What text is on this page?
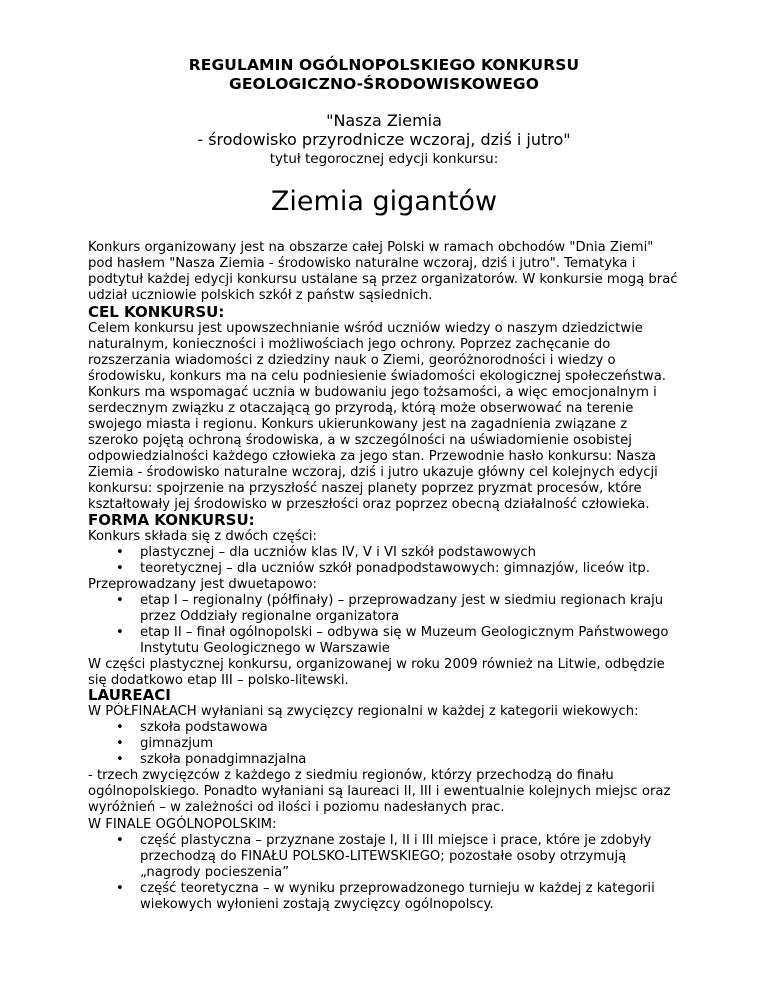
REGULAMIN OGÓLNOPOLSKIEGO KONKURSU
GEOLOGICZNO-ŚRODOWISKOWEGO
"Nasza Ziemia
- środowisko przyrodnicze wczoraj, dziś i jutro"
tytuł tegorocznej edycji konkursu:
Ziemia gigantów
Konkurs organizowany jest na obszarze całej Polski w ramach obchodów "Dnia Ziemi"
pod hasłem "Nasza Ziemia - środowisko naturalne wczoraj, dziś i jutro". Tematyka i
podtytuł każdej edycji konkursu ustalane są przez organizatorów. W konkursie mogą brać
udział uczniowie polskich szkół z państw sąsiednich.
CEL KONKURSU:
Celem konkursu jest upowszechnianie wśród uczniów wiedzy o naszym dziedzictwie
naturalnym, konieczności i możliwościach jego ochrony. Poprzez zachęcanie do
rozszerzania wiadomości z dziedziny nauk o Ziemi, georóżnorodności i wiedzy o
środowisku, konkurs ma na celu podniesienie świadomości ekologicznej społeczeństwa.
Konkurs ma wspomagać ucznia w budowaniu jego tożsamości, a więc emocjonalnym i
serdecznym związku z otaczającą go przyrodą, którą może obserwować na terenie
swojego miasta i regionu. Konkurs ukierunkowany jest na zagadnienia związane z
szeroko pojętą ochroną środowiska, a w szczególności na uświadomienie osobistej
odpowiedzialności każdego człowieka za jego stan. Przewodnie hasło konkursu: Nasza
Ziemia - środowisko naturalne wczoraj, dziś i jutro ukazuje główny cel kolejnych edycji
konkursu: spojrzenie na przyszłość naszej planety poprzez pryzmat procesów, które
kształtowały jej środowisko w przeszłości oraz poprzez obecną działalność człowieka.
FORMA KONKURSU:
Konkurs składa się z dwóch części:
• plastycznej – dla uczniów klas IV, V i VI szkół podstawowych
• teoretycznej – dla uczniów szkół ponadpodstawowych: gimnazjów, liceów itp.
Przeprowadzany jest dwuetapowo:
• etap I – regionalny (półfinały) – przeprowadzany jest w siedmiu regionach kraju
przez Oddziały regionalne organizatora
• etap II – finał ogólnopolski – odbywa się w Muzeum Geologicznym Państwowego
Instytutu Geologicznego w Warszawie
W części plastycznej konkursu, organizowanej w roku 2009 również na Litwie, odbędzie
się dodatkowo etap III – polsko-litewski.
LAUREACI
W PÓŁFINAŁACH wyłaniani są zwycięzcy regionalni w każdej z kategorii wiekowych:
• szkoła podstawowa
• gimnazjum
• szkoła ponadgimnazjalna
- trzech zwycięzców z każdego z siedmiu regionów, którzy przechodzą do finału
ogólnopolskiego. Ponadto wyłaniani są laureaci II, III i ewentualnie kolejnych miejsc oraz
wyróżnień – w zależności od ilości i poziomu nadesłanych prac.
W FINALE OGÓLNOPOLSKIM:
• część plastyczna – przyznane zostaje I, II i III miejsce i prace, które je zdobyły
przechodzą do FINAŁU POLSKO-LITEWSKIEGO; pozostałe osoby otrzymują
„nagrody pocieszenia”
• część teoretyczna – w wyniku przeprowadzonego turnieju w każdej z kategorii
wiekowych wyłonieni zostają zwycięzcy ogólnopolscy.
